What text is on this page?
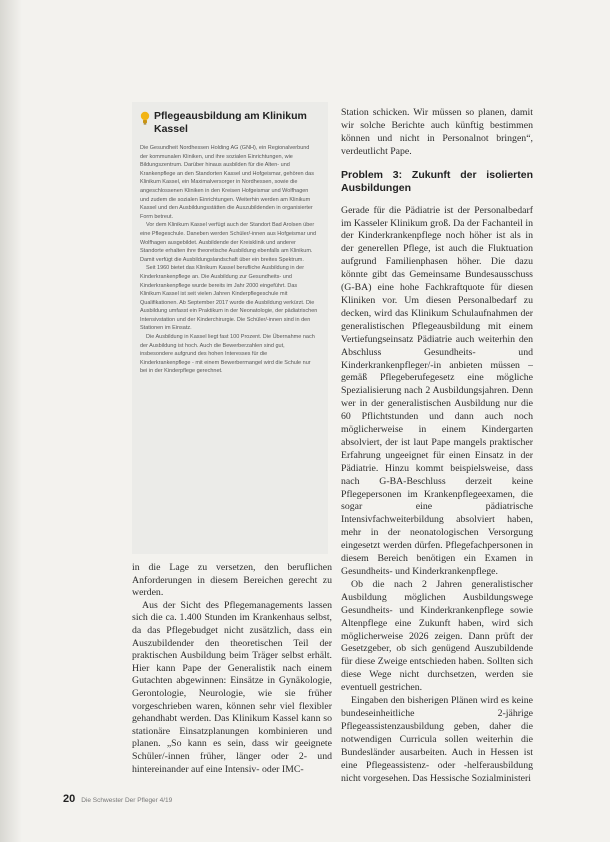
Pflegeausbildung am Klinikum Kassel

Die Gesundheit Nordhessen Holding AG (GNH), ein Regionalverbund der kommunalen Kliniken, und ihre sozialen Einrichtungen, wie Bildungszentrum. Darüber hinaus ausbilden für die Alten- und Krankenpflege an den Standorten Kassel und Hofgeismar, gehören das Klinikum Kassel, ein Maximalversorger in Nordhessen, sowie die angeschlossenen Kliniken in den Kreisen Hofgeismar und Wolfhagen und zudem die sozialen Einrichtungen. Weiterhin werden am Klinikum Kassel und den Ausbildungsstätten die Auszubildenden in organisierter Form betreut.

Vor dem Klinikum Kassel verfügt auch der Standort Bad Arolsen über eine Pflegeschule. Daneben werden Schüler/-innen aus Hofgeismar und Wolfhagen ausgebildet. Ausbildende der Kreisklinik und anderer Standorte erhalten ihre theoretische Ausbildung ebenfalls am Klinikum. Damit verfügt die Ausbildungslandschaft über ein breites Spektrum.

Seit 1960 bietet das Klinikum Kassel berufliche Ausbildung in der Kinderkrankenpflege an. Die Ausbildung zur Gesundheits- und Kinderkrankenpflege wurde bereits im Jahr 2000 eingeführt. Das Klinikum Kassel ist seit vielen Jahren Kinderpflegeschule mit Qualifikationen. Ab September 2017 wurde die Ausbildung verkürzt. Die Ausbildung umfasst ein Praktikum in der Neonatologie, der pädiatrischen Intensivstation und der Kinderchirurgie. Die Schüler/-innen sind in den Stationen im Einsatz.

Die Ausbildung in Kassel liegt fast 100 Prozent. Die Übernahme nach der Ausbildung ist hoch. Auch die Bewerberzahlen sind gut, insbesondere aufgrund des hohen Interesses für die Kinderkrankenpflege - mit einem Bewerbermangel wird die Schule nur bei in der Kinderpflege gerechnet.

in die Lage zu versetzen, den beruflichen Anforderungen in diesem Bereichen gerecht zu werden.

Aus der Sicht des Pflegemanagements lassen sich die ca. 1.400 Stunden im Krankenhaus selbst, da das Pflegebudget nicht zusätzlich, dass ein Auszubildender den theoretischen Teil der praktischen Ausbildung beim Träger selbst erhält. Hier kann Pape der Generalistik nach einem Gutachten abgewinnen: Einsätze in Gynäkologie, Gerontologie, Neurologie, wie sie früher vorgeschrieben waren, können sehr viel flexibler gehandhabt werden. Das Klinikum Kassel kann so stationäre Einsatzplanungen kombinieren und planen. „So kann es sein, dass wir geeignete Schüler/-innen früher, länger oder 2- und hintereinander auf eine Intensiv- oder IMC-

Station schicken. Wir müssen so planen, damit wir solche Berichte auch künftig bestimmen können und nicht in Personalnot bringen“, verdeutlicht Pape.

Problem 3: Zukunft der isolierten Ausbildungen

Gerade für die Pädiatrie ist der Personalbedarf im Kasseler Klinikum groß. Da der Fachanteil in der Kinderkrankenpflege noch höher ist als in der generellen Pflege, ist auch die Fluktuation aufgrund Familienphasen höher. Die dazu könnte gibt das Gemeinsame Bundesausschuss (G-BA) eine hohe Fachkraftquote für diesen Kliniken vor. Um diesen Personalbedarf zu decken, wird das Klinikum Schulaufnahmen der generalistischen Pflegeausbildung mit einem Vertiefungseinsatz Pädiatrie auch weiterhin den Abschluss Gesundheits- und Kinderkrankenpfleger/-in anbieten müssen – gemäß Pflegeberufegesetz eine mögliche Spezialisierung nach 2 Ausbildungsjahren. Denn wer in der generalistischen Ausbildung nur die 60 Pflichtstunden und dann auch noch möglicherweise in einem Kindergarten absolviert, der ist laut Pape mangels praktischer Erfahrung ungeeignet für einen Einsatz in der Pädiatrie. Hinzu kommt beispielsweise, dass nach G-BA-Beschluss derzeit keine Pflegepersonen im Krankenpflegeexamen, die sogar eine pädiatrische Intensivfachweiterbildung absolviert haben, mehr in der neonatologischen Versorgung eingesetzt werden dürfen. Pflegefachpersonen in diesem Bereich benötigen ein Examen in Gesundheits- und Kinderkrankenpflege.

Ob die nach 2 Jahren generalistischer Ausbildung möglichen Ausbildungswege Gesundheits- und Kinderkrankenpflege sowie Altenpflege eine Zukunft haben, wird sich möglicherweise 2026 zeigen. Dann prüft der Gesetzgeber, ob sich genügend Auszubildende für diese Zweige entschieden haben. Sollten sich diese Wege nicht durchsetzen, werden sie eventuell gestrichen.

Eingaben den bisherigen Plänen wird es keine bundeseinheitliche 2-jährige Pflegeassistenzausbildung geben, daher die notwendigen Curricula sollen weiterhin die Bundesländer ausarbeiten. Auch in Hessen ist eine Pflegeassistenz- oder -helferausbildung nicht vorgesehen. Das Hessische Sozialministeri

20 Die Schwester Der Pfleger 4/19
